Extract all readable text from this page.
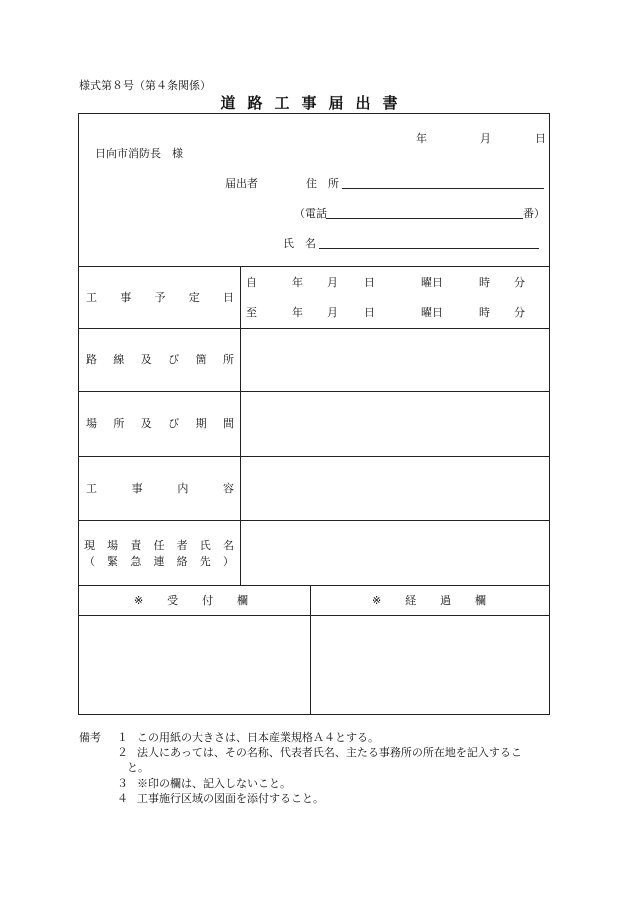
様式第８号（第４条関係）
道路工事届出書
年	月	日
日向市消防長　様
届出者	住　所
（電話	番）
氏　名
工 事 予 定 日
自	年 月 日	曜日	時 分
至	年 月 日	曜日	時 分
路 線 及 び 箇 所
場 所 及 び 期 間
工	事	内	容
現 場 責 任 者 氏 名
（ 緊 急 連 絡 先 ）
※ 受 付 欄	※ 経 過 欄
備考 １ この用紙の大きさは、日本産業規格Ａ４とする。
２ 法人にあっては、その名称、代表者氏名、主たる事務所の所在地を記入するこ
と。
３ ※印の欄は、記入しないこと。
４ 工事施行区域の図面を添付すること。
